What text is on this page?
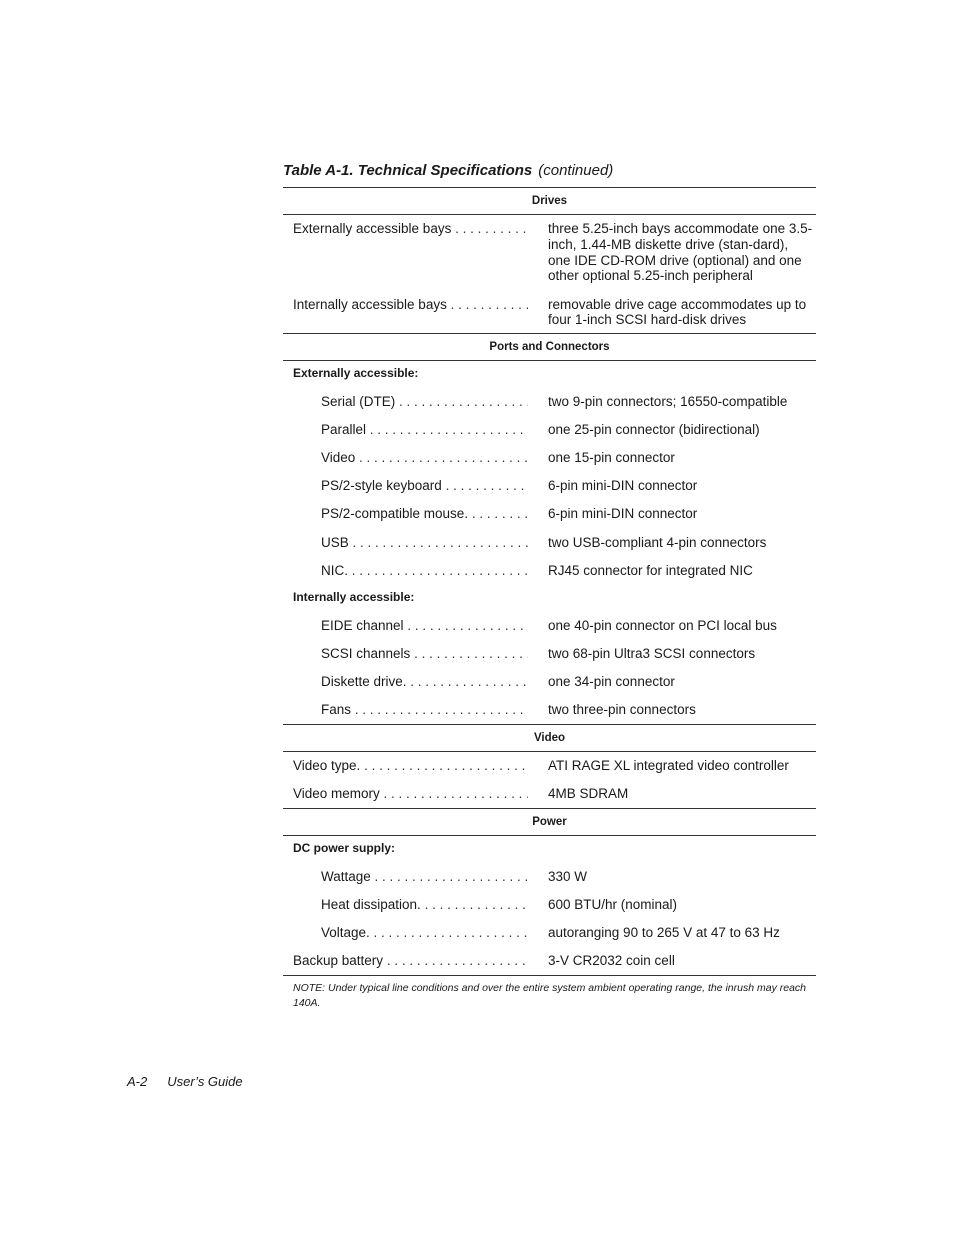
Table A-1. Technical Specifications (continued)
Drives
Externally accessible bays . . .	three 5.25-inch bays accommodate one 3.5-inch, 1.44-MB diskette drive (stan-dard), one IDE CD-ROM drive (optional) and one other optional 5.25-inch peripheral
Internally accessible bays . . .	removable drive cage accommodates up to four 1-inch SCSI hard-disk drives
Ports and Connectors
Externally accessible:
Serial (DTE) . . .	two 9-pin connectors; 16550-compatible
Parallel . . .	one 25-pin connector (bidirectional)
Video . . .	one 15-pin connector
PS/2-style keyboard . . .	6-pin mini-DIN connector
PS/2-compatible mouse. . . .	6-pin mini-DIN connector
USB . . .	two USB-compliant 4-pin connectors
NIC. . . .	RJ45 connector for integrated NIC
Internally accessible:
EIDE channel . . .	one 40-pin connector on PCI local bus
SCSI channels . . .	two 68-pin Ultra3 SCSI connectors
Diskette drive. . . .	one 34-pin connector
Fans . . .	two three-pin connectors
Video
Video type. . . .	ATI RAGE XL integrated video controller
Video memory . . .	4MB SDRAM
Power
DC power supply:
Wattage . . .	330 W
Heat dissipation. . . .	600 BTU/hr (nominal)
Voltage. . . .	autoranging 90 to 265 V at 47 to 63 Hz
Backup battery . . .	3-V CR2032 coin cell
NOTE: Under typical line conditions and over the entire system ambient operating range, the inrush may reach 140A.
A-2 User’s Guide
